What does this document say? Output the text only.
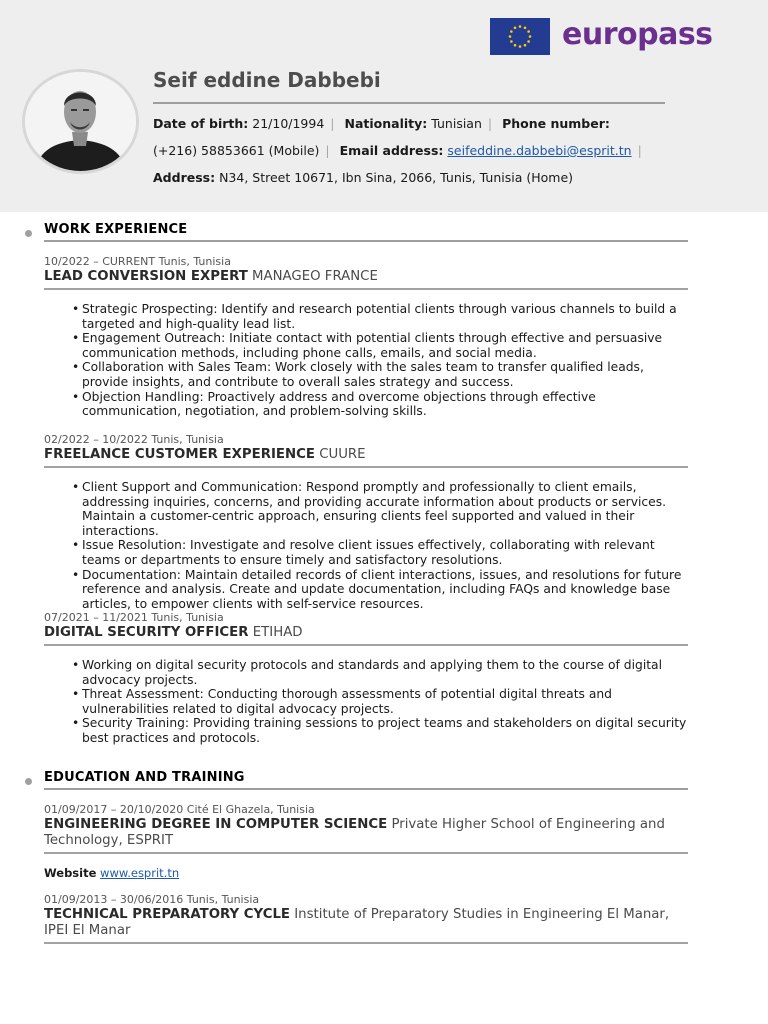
europass
Seif eddine Dabbebi
Date of birth: 21/10/1994 | Nationality: Tunisian | Phone number:
(+216) 58853661 (Mobile) | Email address: seifeddine.dabbebi@esprit.tn |
Address: N34, Street 10671, Ibn Sina, 2066, Tunis, Tunisia (Home)
WORK EXPERIENCE
10/2022 – CURRENT Tunis, Tunisia
LEAD CONVERSION EXPERT MANAGEO FRANCE
• Strategic Prospecting: Identify and research potential clients through various channels to build a targeted and high-quality lead list.
• Engagement Outreach: Initiate contact with potential clients through effective and persuasive communication methods, including phone calls, emails, and social media.
• Collaboration with Sales Team: Work closely with the sales team to transfer qualified leads, provide insights, and contribute to overall sales strategy and success.
• Objection Handling: Proactively address and overcome objections through effective communication, negotiation, and problem-solving skills.
02/2022 – 10/2022 Tunis, Tunisia
FREELANCE CUSTOMER EXPERIENCE CUURE
• Client Support and Communication: Respond promptly and professionally to client emails, addressing inquiries, concerns, and providing accurate information about products or services. Maintain a customer-centric approach, ensuring clients feel supported and valued in their interactions.
• Issue Resolution: Investigate and resolve client issues effectively, collaborating with relevant teams or departments to ensure timely and satisfactory resolutions.
• Documentation: Maintain detailed records of client interactions, issues, and resolutions for future reference and analysis. Create and update documentation, including FAQs and knowledge base articles, to empower clients with self-service resources.
07/2021 – 11/2021 Tunis, Tunisia
DIGITAL SECURITY OFFICER ETIHAD
• Working on digital security protocols and standards and applying them to the course of digital advocacy projects.
• Threat Assessment: Conducting thorough assessments of potential digital threats and vulnerabilities related to digital advocacy projects.
• Security Training: Providing training sessions to project teams and stakeholders on digital security best practices and protocols.
EDUCATION AND TRAINING
01/09/2017 – 20/10/2020 Cité El Ghazela, Tunisia
ENGINEERING DEGREE IN COMPUTER SCIENCE Private Higher School of Engineering and Technology, ESPRIT
Website www.esprit.tn
01/09/2013 – 30/06/2016 Tunis, Tunisia
TECHNICAL PREPARATORY CYCLE Institute of Preparatory Studies in Engineering El Manar, IPEI El Manar
